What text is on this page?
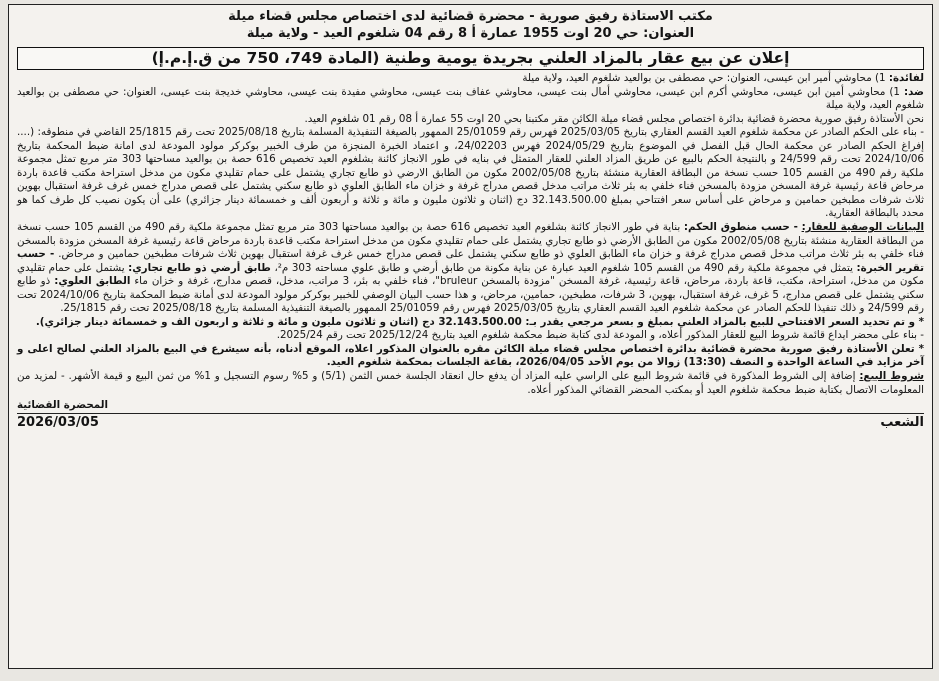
مكتب الاستاذة رفيق صورية - محضرة قضائية لدى اختصاص مجلس قضاء ميلة
العنوان: حي 20 اوت 1955 عمارة أ 8 رقم 04 شلغوم العيد - ولاية ميلة
إعلان عن بيع عقار بالمزاد العلني بجريدة يومية وطنية (المادة 749، 750 من ق.إ.م.إ)

لفائدة: 1) محاوشي أمير ابن عيسى، العنوان: حي مصطفى بن بوالعيد شلغوم العيد، ولاية ميلة

ضد: 1) محاوشي أمين ابن عيسى، محاوشي أكرم ابن عيسى، محاوشي أمال بنت عيسى، محاوشي عفاف بنت عيسى، محاوشي مفيدة بنت عيسى، محاوشي خديجة بنت عيسى، العنوان: حي مصطفى بن بوالعيد شلغوم العيد، ولاية ميلة

نحن الأستاذة رفيق صورية محضرة قضائية بدائرة اختصاص مجلس قضاء ميلة الكائن مقر مكتبنا بحي 20 اوت 55 عمارة أ 08 رقم 01 شلغوم العيد.

- بناء على الحكم الصادر عن محكمة شلغوم العيد القسم العقاري بتاريخ 2025/03/05 فهرس رقم 25/01059 الممهور بالصيغة التنفيذية المسلمة بتاريخ 2025/08/18 تحت رقم 25/1815 القاضي في منطوقه: (.... إفراغ الحكم الصادر عن محكمة الحال قبل الفصل في الموضوع بتاريخ 2024/05/29 فهرس 24/02203، و اعتماد الخبرة المنجزة من طرف الخبير بوكركر مولود المودعة لدى امانة ضبط المحكمة بتاريخ 2024/10/06 تحت رقم 24/599 و بالنتيجة الحكم بالبيع عن طريق المزاد العلني للعقار المتمثل في بنايه في طور الانجاز كائنة بشلغوم العيد تخصيص 616 حصة بن بوالعيد مساحتها 303 متر مربع تمثل مجموعة ملكية رقم 490 من القسم 105 حسب نسخة من البطاقة العقارية منشئة بتاريخ 2002/05/08 مكون من الطابق الارضي ذو طابع تجاري يشتمل على حمام تقليدي مكون من مدخل استراحة مكتب قاعدة باردة مرحاض قاعة رئيسية غرفة المسخن مزودة بالمسخن فناء خلفي به بئر ثلاث مراتب مدخل قصص مدراج غرفة و خزان ماء الطابق العلوي ذو طابع سكني يشتمل على قصص مدراج خمس غرف غرفة استقبال بهوين ثلاث شرفات مطبخين حمامين و مرحاض على أساس سعر افتتاحي بمبلغ 32.143.500.00 دج (اثنان و ثلاثون مليون و مائة و ثلاثة و أربعون ألف و خمسمائة دينار جزائري) على أن يكون نصيب كل طرف كما هو محدد بالبطاقة العقارية.

البيانات الوصفية للعقار: - حسب منطوق الحكم: بناية في طور الانجاز كائنة بشلغوم العيد تخصيص 616 حصة بن بوالعيد مساحتها 303 متر مربع تمثل مجموعة ملكية رقم 490 من القسم 105 حسب نسخة من البطاقة العقارية منشئة بتاريخ 2002/05/08 مكون من الطابق الأرضي ذو طابع تجاري يشتمل على حمام تقليدي مكون من مدخل استراحة مكتب قاعدة باردة مرحاض قاعة رئيسية غرفة المسخن مزودة بالمسخن فناء خلفي به بئر ثلاث مراتب مدخل قصص مدراج غرفة و خزان ماء الطابق العلوي ذو طابع سكني يشتمل على قصص مدراج خمس غرف غرفة استقبال بهوين ثلاث شرفات مطبخين حمامين و مرحاض. - حسب تقرير الخبرة: يتمثل في مجموعة ملكية رقم 490 من القسم 105 شلغوم العيد عبارة عن بناية مكونة من طابق أرضي و طابق علوي مساحته 303 م²، طابق أرضي ذو طابع تجاري: يشتمل على حمام تقليدي مكون من مدخل، استراحة، مكتب، قاعة باردة، مرحاض، قاعة رئيسية، غرفة المسخن "مزودة بالمسخن bruleur"، فناء خلفي به بئر، 3 مراتب، مدخل، قصص مدارج، غرفة و خزان ماء الطابق العلوي: ذو طابع سكني يشتمل على قصص مدارج، 5 غرف، غرفة استقبال، بهوين، 3 شرفات، مطبخين، حمامين، مرحاض، و هذا حسب البيان الوصفي للخبير بوكركر مولود المودعة لدى أمانة ضبط المحكمة بتاريخ 2024/10/06 تحت رقم 24/599 و ذلك تنفيذا للحكم الصادر عن محكمة شلغوم العيد القسم العقاري بتاريخ 2025/03/05 فهرس رقم 25/01059 الممهور بالصيغة التنفيذية المسلمة بتاريخ 2025/08/18 تحت رقم 25/1815.

* و تم تحديد السعر الافتتاحي للبيع بالمزاد العلني بمبلغ و بسعر مرجعي يقدر بـ: 32.143.500.00 دج (اثنان و ثلاثون مليون و مائة و ثلاثة و اربعون الف و خمسمائة دينار جزائري).

- بناء على محضر ايداع قائمة شروط البيع للعقار المذكور أعلاه، و المودعة لدى كتابة ضبط محكمة شلغوم العيد بتاريخ 2025/12/24 تحت رقم 2025/24.

* تعلن الأستاذة رفيق صورية محضرة قضائية بدائرة اختصاص مجلس قضاء ميلة الكائن مقره بالعنوان المذكور اعلاه، الموقع أدناه، بأنه سيشرع في البيع بالمزاد العلني لصالح اعلى و آخر مزايد في الساعة الواحدة و النصف (13:30) زوالا من يوم الأحد 2026/04/05، بقاعة الجلسات بمحكمة شلغوم العيد.

شروط البيع: إضافة إلى الشروط المذكورة في قائمة شروط البيع على الراسي عليه المزاد أن يدفع حال انعقاد الجلسة خمس الثمن (5/1) و 5% رسوم التسجيل و 1% من ثمن البيع و قيمة الأشهر. - لمزيد من المعلومات الاتصال بكتابة ضبط محكمة شلغوم العيد أو بمكتب المحضر القضائي المذكور أعلاه.

المحضرة القضائية
الشعب
2026/03/05
